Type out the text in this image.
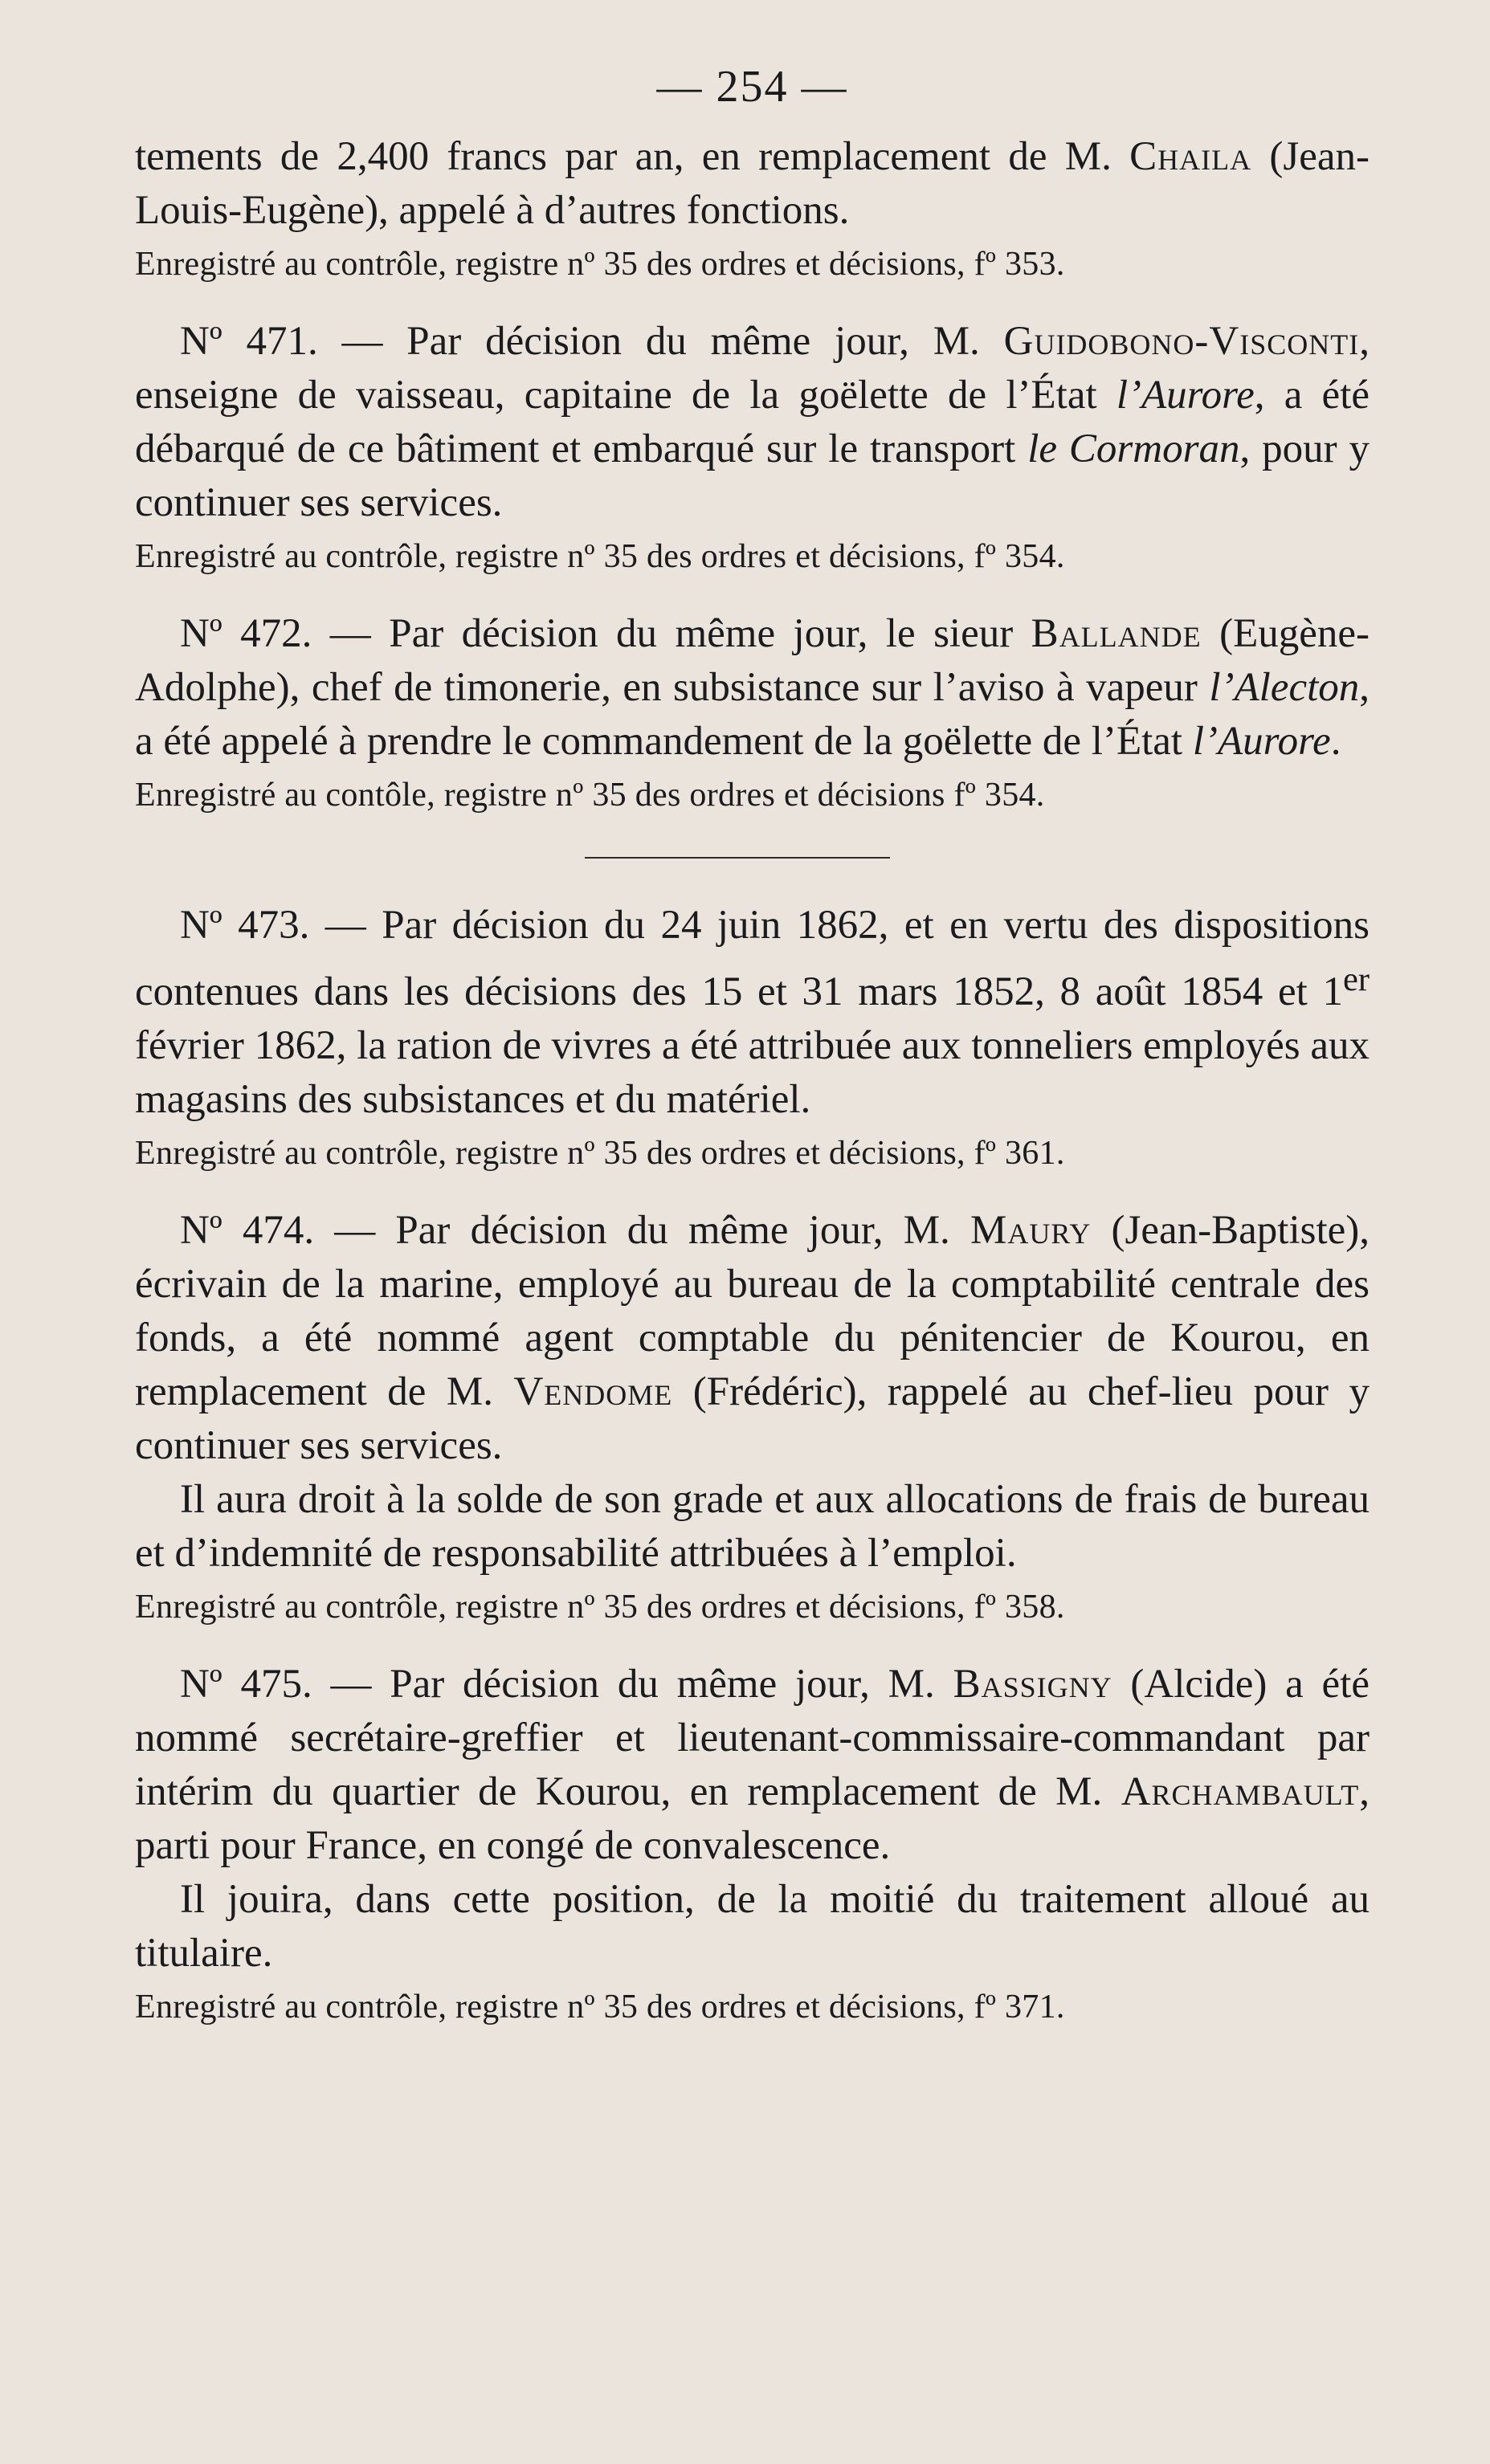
— 254 —

tements de 2,400 francs par an, en remplacement de M. Chaila (Jean-Louis-Eugène), appelé à d’autres fonctions.

Enregistré au contrôle, registre nº 35 des ordres et décisions, fº 353.

Nº 471. — Par décision du même jour, M. Guidobono-Visconti, enseigne de vaisseau, capitaine de la goëlette de l’État l’Aurore, a été débarqué de ce bâtiment et embarqué sur le transport le Cormoran, pour y continuer ses services.

Enregistré au contrôle, registre nº 35 des ordres et décisions, fº 354.

Nº 472. — Par décision du même jour, le sieur Ballande (Eugène-Adolphe), chef de timonerie, en subsistance sur l’aviso à vapeur l’Alecton, a été appelé à prendre le commandement de la goëlette de l’État l’Aurore.

Enregistré au contôle, registre nº 35 des ordres et décisions fº 354.

Nº 473. — Par décision du 24 juin 1862, et en vertu des dispositions contenues dans les décisions des 15 et 31 mars 1852, 8 août 1854 et 1er février 1862, la ration de vivres a été attribuée aux tonneliers employés aux magasins des subsistances et du matériel.

Enregistré au contrôle, registre nº 35 des ordres et décisions, fº 361.

Nº 474. — Par décision du même jour, M. Maury (Jean-Baptiste), écrivain de la marine, employé au bureau de la comptabilité centrale des fonds, a été nommé agent comptable du pénitencier de Kourou, en remplacement de M. Vendome (Frédéric), rappelé au chef-lieu pour y continuer ses services.

Il aura droit à la solde de son grade et aux allocations de frais de bureau et d’indemnité de responsabilité attribuées à l’emploi.

Enregistré au contrôle, registre nº 35 des ordres et décisions, fº 358.

Nº 475. — Par décision du même jour, M. Bassigny (Alcide) a été nommé secrétaire-greffier et lieutenant-commissaire-commandant par intérim du quartier de Kourou, en remplacement de M. Archambault, parti pour France, en congé de convalescence.

Il jouira, dans cette position, de la moitié du traitement alloué au titulaire.

Enregistré au contrôle, registre nº 35 des ordres et décisions, fº 371.
